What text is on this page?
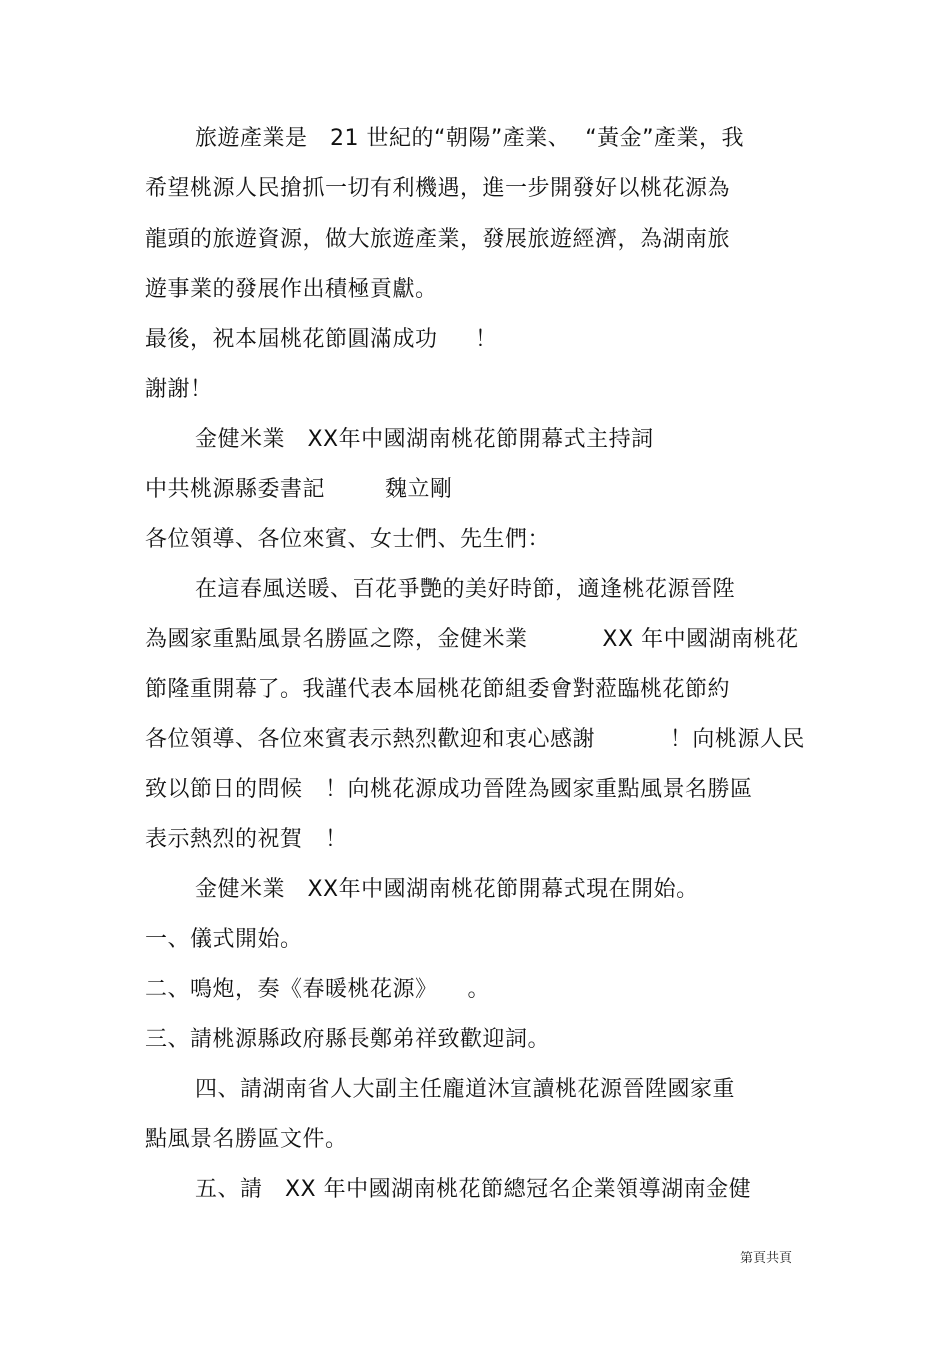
旅遊產業是   21 世紀的“朝陽”產業、  “黃金”產業，我
希望桃源人民搶抓一切有利機遇，進一步開發好以桃花源為
龍頭的旅遊資源，做大旅遊產業，發展旅遊經濟，為湖南旅
遊事業的發展作出積極貢獻。
最後，祝本屆桃花節圓滿成功     ！
謝謝！
金健米業   XX年中國湖南桃花節開幕式主持詞
中共桃源縣委書記        魏立剛
各位領導、各位來賓、女士們、先生們：
在這春風送暖、百花爭艷的美好時節，適逢桃花源晉陞
為國家重點風景名勝區之際，金健米業          XX 年中國湖南桃花
節隆重開幕了。我謹代表本屆桃花節組委會對蒞臨桃花節約
各位領導、各位來賓表示熱烈歡迎和衷心感謝          ！向桃源人民
致以節日的問候   ！向桃花源成功晉陞為國家重點風景名勝區
表示熱烈的祝賀   ！
金健米業   XX年中國湖南桃花節開幕式現在開始。
一、儀式開始。
二、鳴炮，奏《春暖桃花源》    。
三、請桃源縣政府縣長鄭弟祥致歡迎詞。
四、請湖南省人大副主任龐道沐宣讀桃花源晉陞國家重
點風景名勝區文件。
五、請   XX 年中國湖南桃花節總冠名企業領導湖南金健
第頁共頁
